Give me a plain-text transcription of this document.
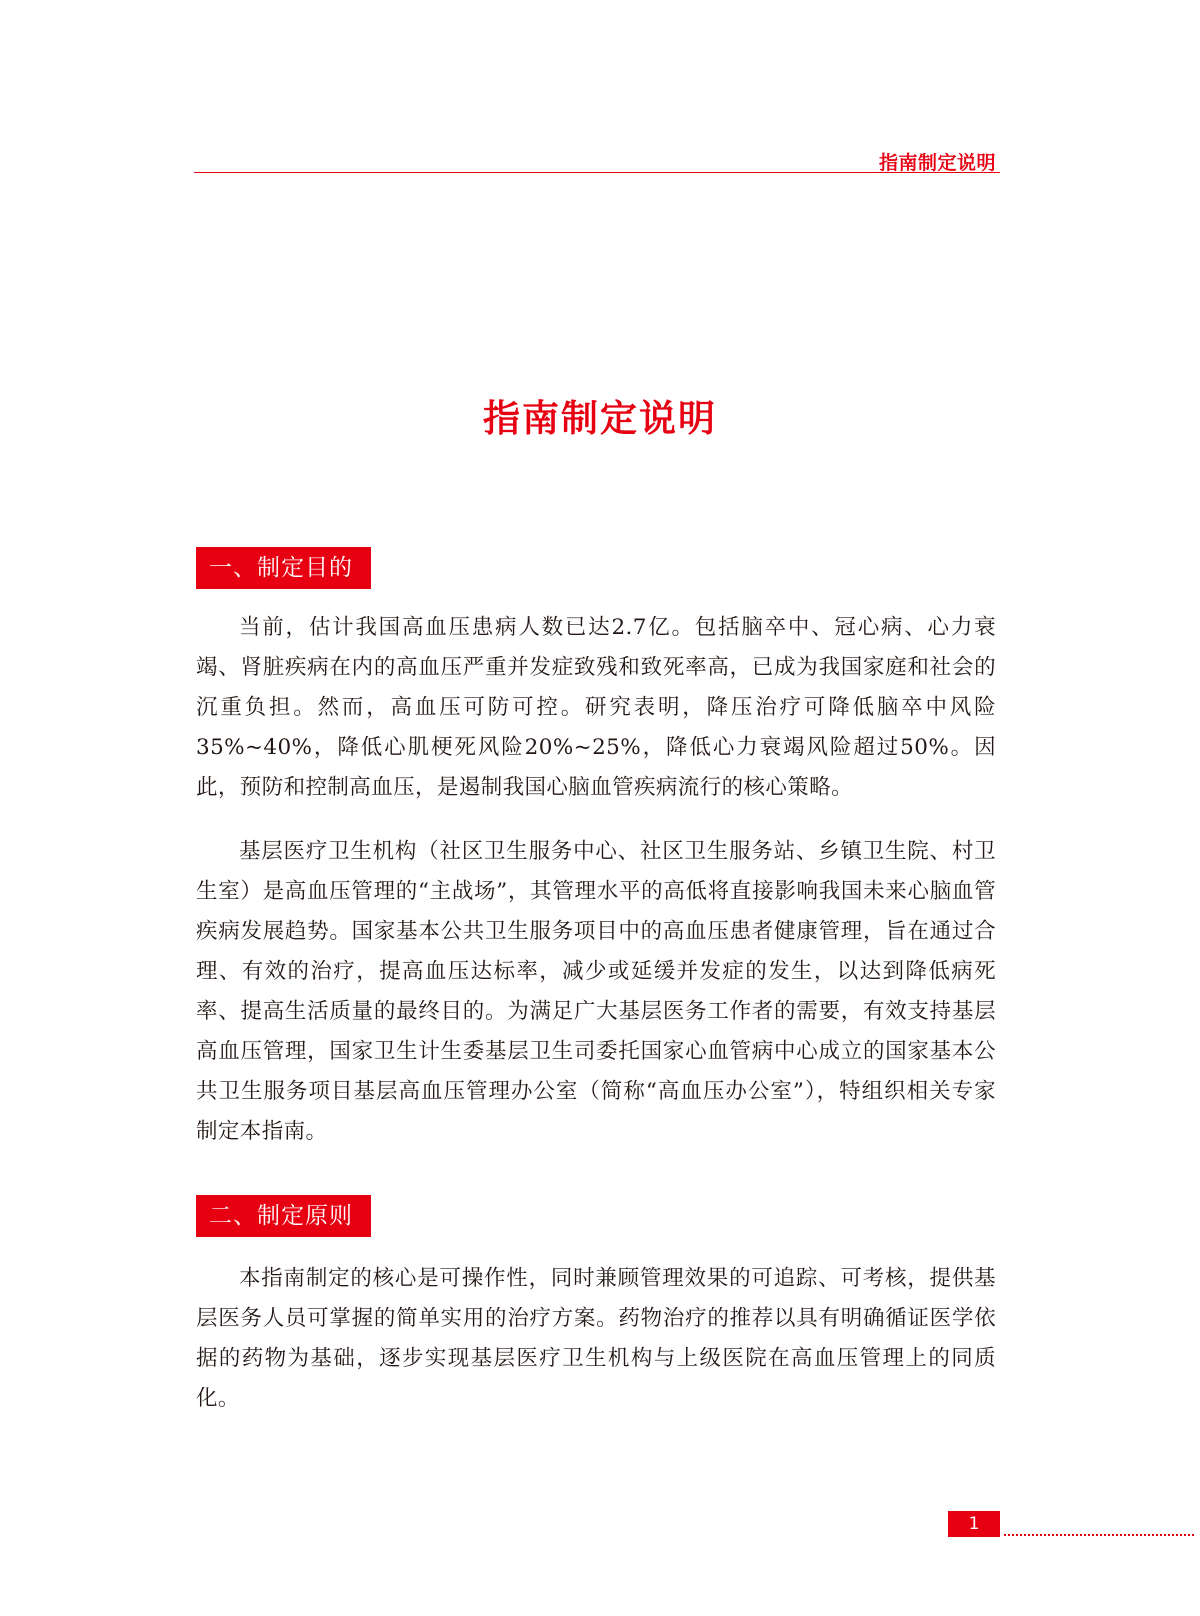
指南制定说明
指南制定说明
一、制定目的

当前，估计我国高血压患病人数已达2.7亿。包括脑卒中、冠心病、心力衰竭、肾脏疾病在内的高血压严重并发症致残和致死率高，已成为我国家庭和社会的沉重负担。然而，高血压可防可控。研究表明，降压治疗可降低脑卒中风险35%~40%，降低心肌梗死风险20%~25%，降低心力衰竭风险超过50%。因此，预防和控制高血压，是遏制我国心脑血管疾病流行的核心策略。

基层医疗卫生机构（社区卫生服务中心、社区卫生服务站、乡镇卫生院、村卫生室）是高血压管理的“主战场”，其管理水平的高低将直接影响我国未来心脑血管疾病发展趋势。国家基本公共卫生服务项目中的高血压患者健康管理，旨在通过合理、有效的治疗，提高血压达标率，减少或延缓并发症的发生，以达到降低病死率、提高生活质量的最终目的。为满足广大基层医务工作者的需要，有效支持基层高血压管理，国家卫生计生委基层卫生司委托国家心血管病中心成立的国家基本公共卫生服务项目基层高血压管理办公室（简称“高血压办公室”），特组织相关专家制定本指南。

二、制定原则

本指南制定的核心是可操作性，同时兼顾管理效果的可追踪、可考核，提供基层医务人员可掌握的简单实用的治疗方案。药物治疗的推荐以具有明确循证医学依据的药物为基础，逐步实现基层医疗卫生机构与上级医院在高血压管理上的同质化。

1
